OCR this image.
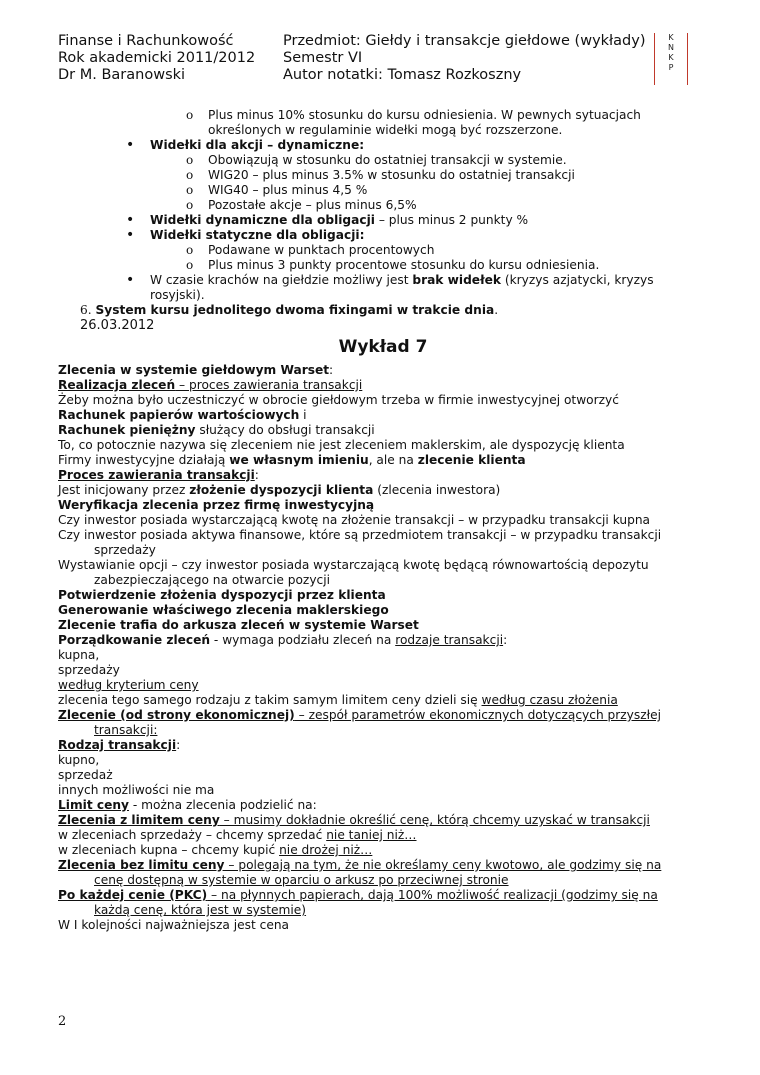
Finanse i Rachunkowość
Rok akademicki 2011/2012
Dr M. Baranowski
Przedmiot: Giełdy i transakcje giełdowe (wykłady)
Semestr VI
Autor notatki: Tomasz Rozkoszny
K
N
K
P
o Plus minus 10% stosunku do kursu odniesienia. W pewnych sytuacjach
określonych w regulaminie widełki mogą być rozszerzone.
• Widełki dla akcji – dynamiczne:
o Obowiązują w stosunku do ostatniej transakcji w systemie.
o WIG20 – plus minus 3.5% w stosunku do ostatniej transakcji
o WIG40 – plus minus 4,5 %
o Pozostałe akcje – plus minus 6,5%
• Widełki dynamiczne dla obligacji – plus minus 2 punkty %
• Widełki statyczne dla obligacji:
o Podawane w punktach procentowych
o Plus minus 3 punkty procentowe stosunku do kursu odniesienia.
• W czasie krachów na giełdzie możliwy jest brak widełek (kryzys azjatycki, kryzys
rosyjski).
6. System kursu jednolitego dwoma fixingami w trakcie dnia.
26.03.2012
Wykład 7
Zlecenia w systemie giełdowym Warset:
Realizacja zleceń – proces zawierania transakcji
Żeby można było uczestniczyć w obrocie giełdowym trzeba w firmie inwestycyjnej otworzyć
Rachunek papierów wartościowych i
Rachunek pieniężny służący do obsługi transakcji
To, co potocznie nazywa się zleceniem nie jest zleceniem maklerskim, ale dyspozycję klienta
Firmy inwestycyjne działają we własnym imieniu, ale na zlecenie klienta
Proces zawierania transakcji:
Jest inicjowany przez złożenie dyspozycji klienta (zlecenia inwestora)
Weryfikacja zlecenia przez firmę inwestycyjną
Czy inwestor posiada wystarczającą kwotę na złożenie transakcji – w przypadku transakcji kupna
Czy inwestor posiada aktywa finansowe, które są przedmiotem transakcji – w przypadku transakcji
sprzedaży
Wystawianie opcji – czy inwestor posiada wystarczającą kwotę będącą równowartością depozytu
zabezpieczającego na otwarcie pozycji
Potwierdzenie złożenia dyspozycji przez klienta
Generowanie właściwego zlecenia maklerskiego
Zlecenie trafia do arkusza zleceń w systemie Warset
Porządkowanie zleceń - wymaga podziału zleceń na rodzaje transakcji:
kupna,
sprzedaży
według kryterium ceny
zlecenia tego samego rodzaju z takim samym limitem ceny dzieli się według czasu złożenia
Zlecenie (od strony ekonomicznej) – zespół parametrów ekonomicznych dotyczących przyszłej
transakcji:
Rodzaj transakcji:
kupno,
sprzedaż
innych możliwości nie ma
Limit ceny - można zlecenia podzielić na:
Zlecenia z limitem ceny – musimy dokładnie określić cenę, którą chcemy uzyskać w transakcji
w zleceniach sprzedaży – chcemy sprzedać nie taniej niż…
w zleceniach kupna – chcemy kupić nie drożej niż…
Zlecenia bez limitu ceny – polegają na tym, że nie określamy ceny kwotowo, ale godzimy się na
cenę dostępną w systemie w oparciu o arkusz po przeciwnej stronie
Po każdej cenie (PKC) – na płynnych papierach, dają 100% możliwość realizacji (godzimy się na
każdą cenę, która jest w systemie)
W I kolejności najważniejsza jest cena
2
